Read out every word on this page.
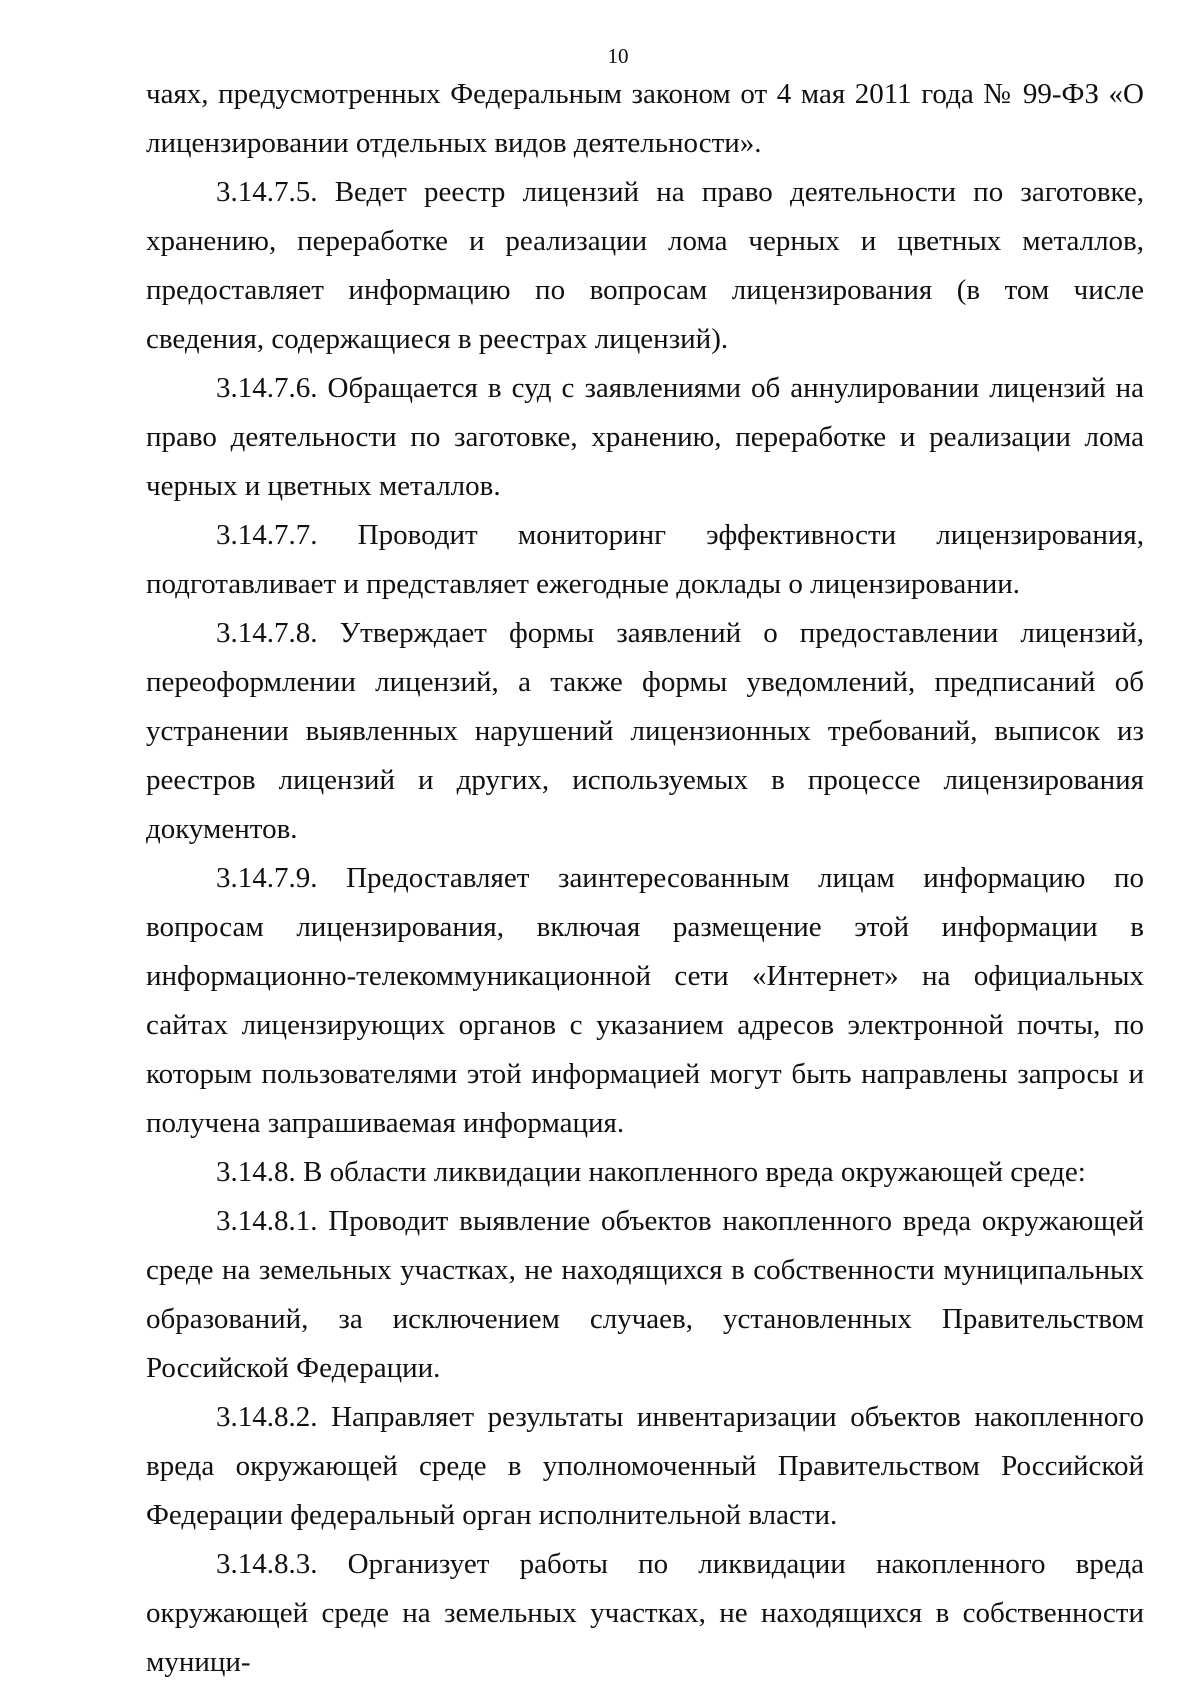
10

чаях, предусмотренных Федеральным законом от 4 мая 2011 года № 99-ФЗ «О лицензировании отдельных видов деятельности».

3.14.7.5. Ведет реестр лицензий на право деятельности по заготовке, хранению, переработке и реализации лома черных и цветных металлов, предоставляет информацию по вопросам лицензирования (в том числе сведения, содержащиеся в реестрах лицензий).

3.14.7.6. Обращается в суд с заявлениями об аннулировании лицензий на право деятельности по заготовке, хранению, переработке и реализации лома черных и цветных металлов.

3.14.7.7. Проводит мониторинг эффективности лицензирования, подготавливает и представляет ежегодные доклады о лицензировании.

3.14.7.8. Утверждает формы заявлений о предоставлении лицензий, переоформлении лицензий, а также формы уведомлений, предписаний об устранении выявленных нарушений лицензионных требований, выписок из реестров лицензий и других, используемых в процессе лицензирования документов.

3.14.7.9. Предоставляет заинтересованным лицам информацию по вопросам лицензирования, включая размещение этой информации в информационно-телекоммуникационной сети «Интернет» на официальных сайтах лицензирующих органов с указанием адресов электронной почты, по которым пользователями этой информацией могут быть направлены запросы и получена запрашиваемая информация.

3.14.8. В области ликвидации накопленного вреда окружающей среде:

3.14.8.1. Проводит выявление объектов накопленного вреда окружающей среде на земельных участках, не находящихся в собственности муниципальных образований, за исключением случаев, установленных Правительством Российской Федерации.

3.14.8.2. Направляет результаты инвентаризации объектов накопленного вреда окружающей среде в уполномоченный Правительством Российской Федерации федеральный орган исполнительной власти.

3.14.8.3. Организует работы по ликвидации накопленного вреда окружающей среде на земельных участках, не находящихся в собственности муници-
